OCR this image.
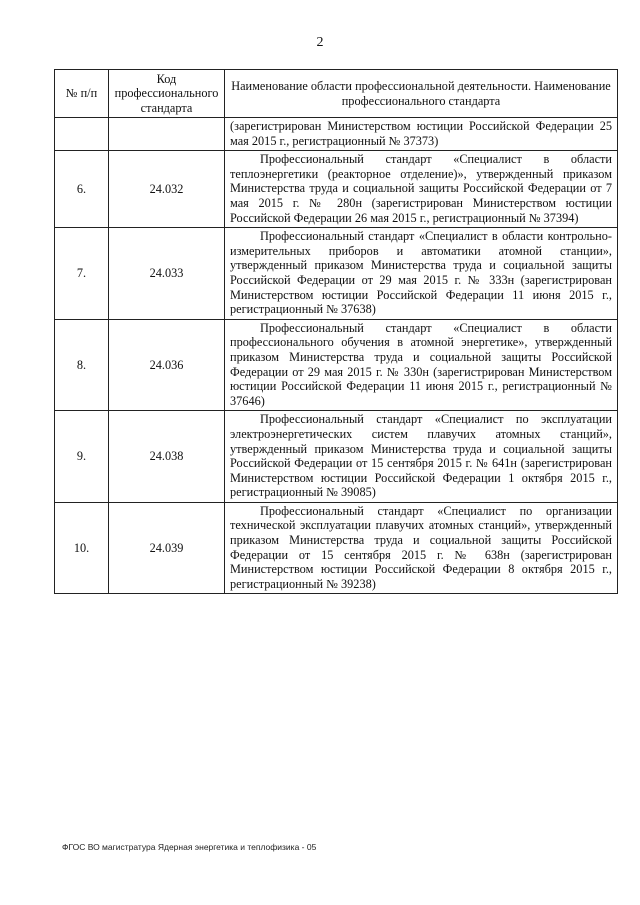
2
№ п/п	Код профессионального стандарта	Наименование области профессиональной деятельности. Наименование профессионального стандарта
		(зарегистрирован Министерством юстиции Российской Федерации 25 мая 2015 г., регистрационный № 37373)
6.	24.032	Профессиональный стандарт «Специалист в области теплоэнергетики (реакторное отделение)», утвержденный приказом Министерства труда и социальной защиты Российской Федерации от 7 мая 2015 г. № 280н (зарегистрирован Министерством юстиции Российской Федерации 26 мая 2015 г., регистрационный № 37394)
7.	24.033	Профессиональный стандарт «Специалист в области контрольно-измерительных приборов и автоматики атомной станции», утвержденный приказом Министерства труда и социальной защиты Российской Федерации от 29 мая 2015 г. № 333н (зарегистрирован Министерством юстиции Российской Федерации 11 июня 2015 г., регистрационный № 37638)
8.	24.036	Профессиональный стандарт «Специалист в области профессионального обучения в атомной энергетике», утвержденный приказом Министерства труда и социальной защиты Российской Федерации от 29 мая 2015 г. № 330н (зарегистрирован Министерством юстиции Российской Федерации 11 июня 2015 г., регистрационный № 37646)
9.	24.038	Профессиональный стандарт «Специалист по эксплуатации электроэнергетических систем плавучих атомных станций», утвержденный приказом Министерства труда и социальной защиты Российской Федерации от 15 сентября 2015 г. № 641н (зарегистрирован Министерством юстиции Российской Федерации 1 октября 2015 г., регистрационный № 39085)
10.	24.039	Профессиональный стандарт «Специалист по организации технической эксплуатации плавучих атомных станций», утвержденный приказом Министерства труда и социальной защиты Российской Федерации от 15 сентября 2015 г. № 638н (зарегистрирован Министерством юстиции Российской Федерации 8 октября 2015 г., регистрационный № 39238)
ФГОС ВО магистратура Ядерная энергетика и теплофизика - 05
